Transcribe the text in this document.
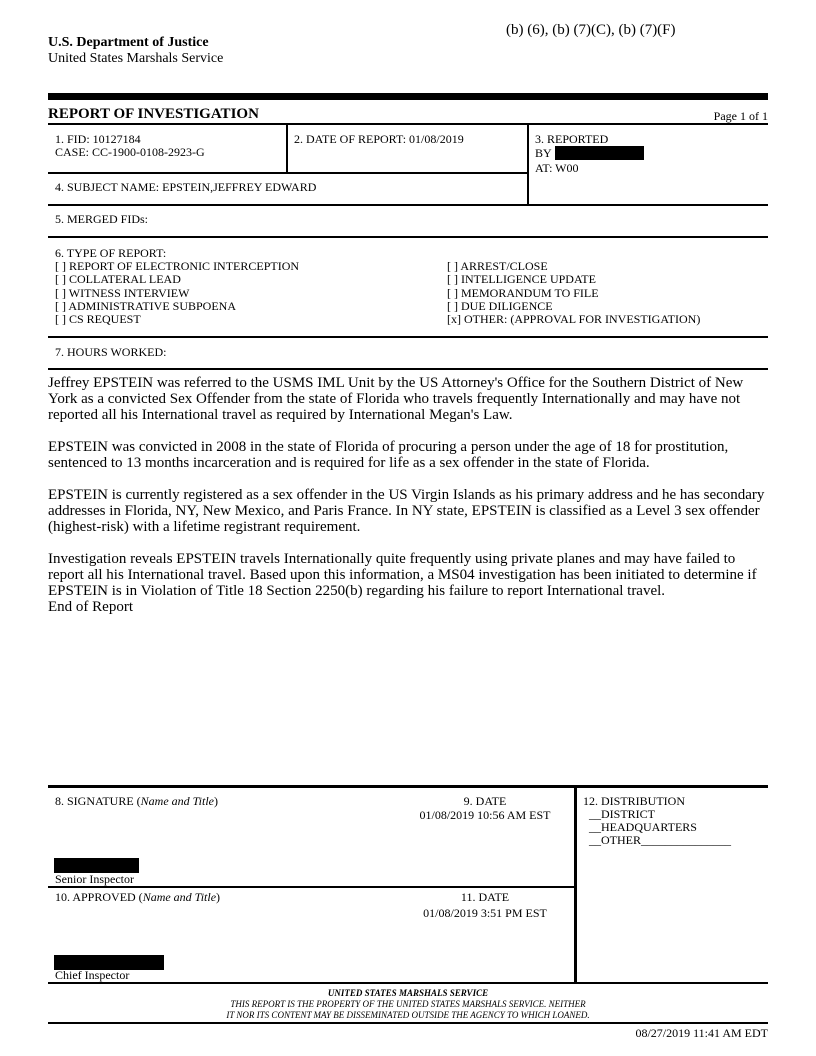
(b) (6), (b) (7)(C), (b) (7)(F)
U.S. Department of Justice
United States Marshals Service
REPORT OF INVESTIGATION	Page 1 of 1
1. FID: 10127184
CASE: CC-1900-0108-2923-G
2. DATE OF REPORT: 01/08/2019	3. REPORTED
BY
AT: W00
4. SUBJECT NAME: EPSTEIN,JEFFREY EDWARD
5. MERGED FIDs:
6. TYPE OF REPORT:
[ ] REPORT OF ELECTRONIC INTERCEPTION
[ ] COLLATERAL LEAD
[ ] WITNESS INTERVIEW
[ ] ADMINISTRATIVE SUBPOENA
[ ] CS REQUEST
[ ] ARREST/CLOSE
[ ] INTELLIGENCE UPDATE
[ ] MEMORANDUM TO FILE
[ ] DUE DILIGENCE
[x] OTHER: (APPROVAL FOR INVESTIGATION)
7. HOURS WORKED:

Jeffrey EPSTEIN was referred to the USMS IML Unit by the US Attorney's Office for the Southern District of New York as a convicted Sex Offender from the state of Florida who travels frequently Internationally and may have not reported all his International travel as required by International Megan's Law.

EPSTEIN was convicted in 2008 in the state of Florida of procuring a person under the age of 18 for prostitution, sentenced to 13 months incarceration and is required for life as a sex offender in the state of Florida.

EPSTEIN is currently registered as a sex offender in the US Virgin Islands as his primary address and he has secondary addresses in Florida, NY, New Mexico, and Paris France. In NY state, EPSTEIN is classified as a Level 3 sex offender (highest-risk) with a lifetime registrant requirement.

Investigation reveals EPSTEIN travels Internationally quite frequently using private planes and may have failed to report all his International travel. Based upon this information, a MS04 investigation has been initiated to determine if EPSTEIN is in Violation of Title 18 Section 2250(b) regarding his failure to report International travel.

End of Report
8. SIGNATURE (Name and Title)	9. DATE
01/08/2019 10:56 AM EST
Senior Inspector
10. APPROVED (Name and Title)	11. DATE
01/08/2019 3:51 PM EST
Chief Inspector
12. DISTRIBUTION
__DISTRICT
__HEADQUARTERS
__OTHER_______________
UNITED STATES MARSHALS SERVICE
THIS REPORT IS THE PROPERTY OF THE UNITED STATES MARSHALS SERVICE. NEITHER
IT NOR ITS CONTENT MAY BE DISSEMINATED OUTSIDE THE AGENCY TO WHICH LOANED.
08/27/2019 11:41 AM EDT
